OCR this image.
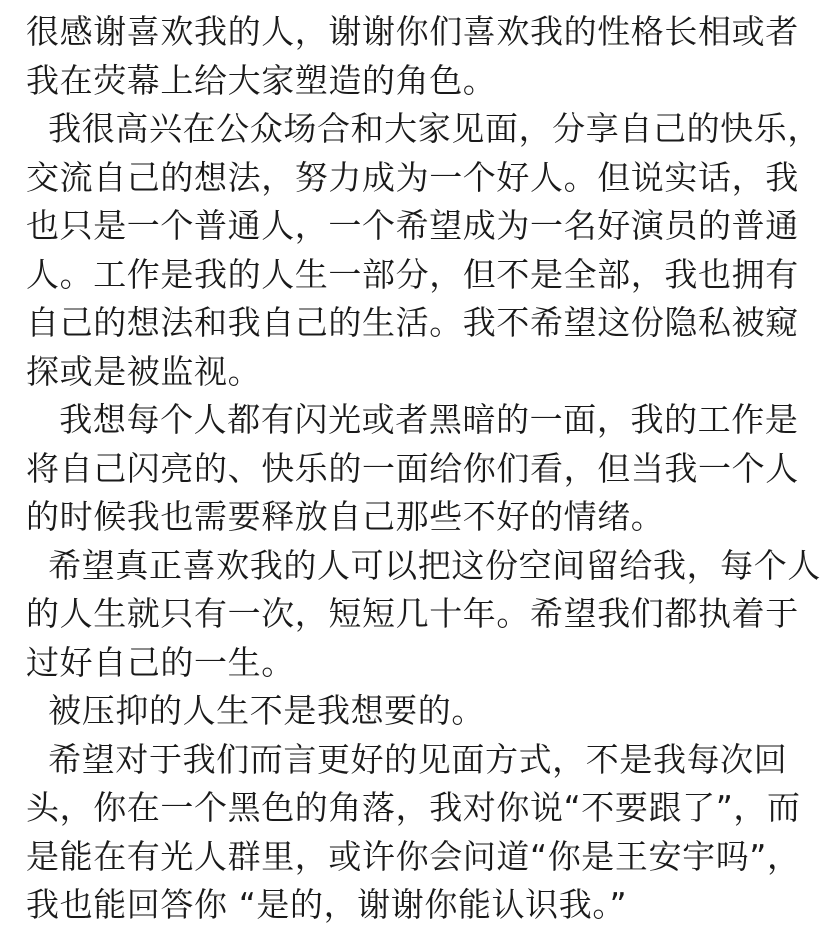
很感谢喜欢我的人，谢谢你们喜欢我的性格长相或者
我在荧幕上给大家塑造的角色。
我很高兴在公众场合和大家见面，分享自己的快乐，
交流自己的想法，努力成为一个好人。但说实话，我
也只是一个普通人，一个希望成为一名好演员的普通
人。工作是我的人生一部分，但不是全部，我也拥有
自己的想法和我自己的生活。我不希望这份隐私被窥
探或是被监视。
我想每个人都有闪光或者黑暗的一面，我的工作是
将自己闪亮的、快乐的一面给你们看，但当我一个人
的时候我也需要释放自己那些不好的情绪。
希望真正喜欢我的人可以把这份空间留给我，每个人
的人生就只有一次，短短几十年。希望我们都执着于
过好自己的一生。
被压抑的人生不是我想要的。
希望对于我们而言更好的见面方式，不是我每次回
头，你在一个黑色的角落，我对你说“不要跟了”，而
是能在有光人群里，或许你会问道“你是王安宇吗”，
我也能回答你 “是的，谢谢你能认识我。”
